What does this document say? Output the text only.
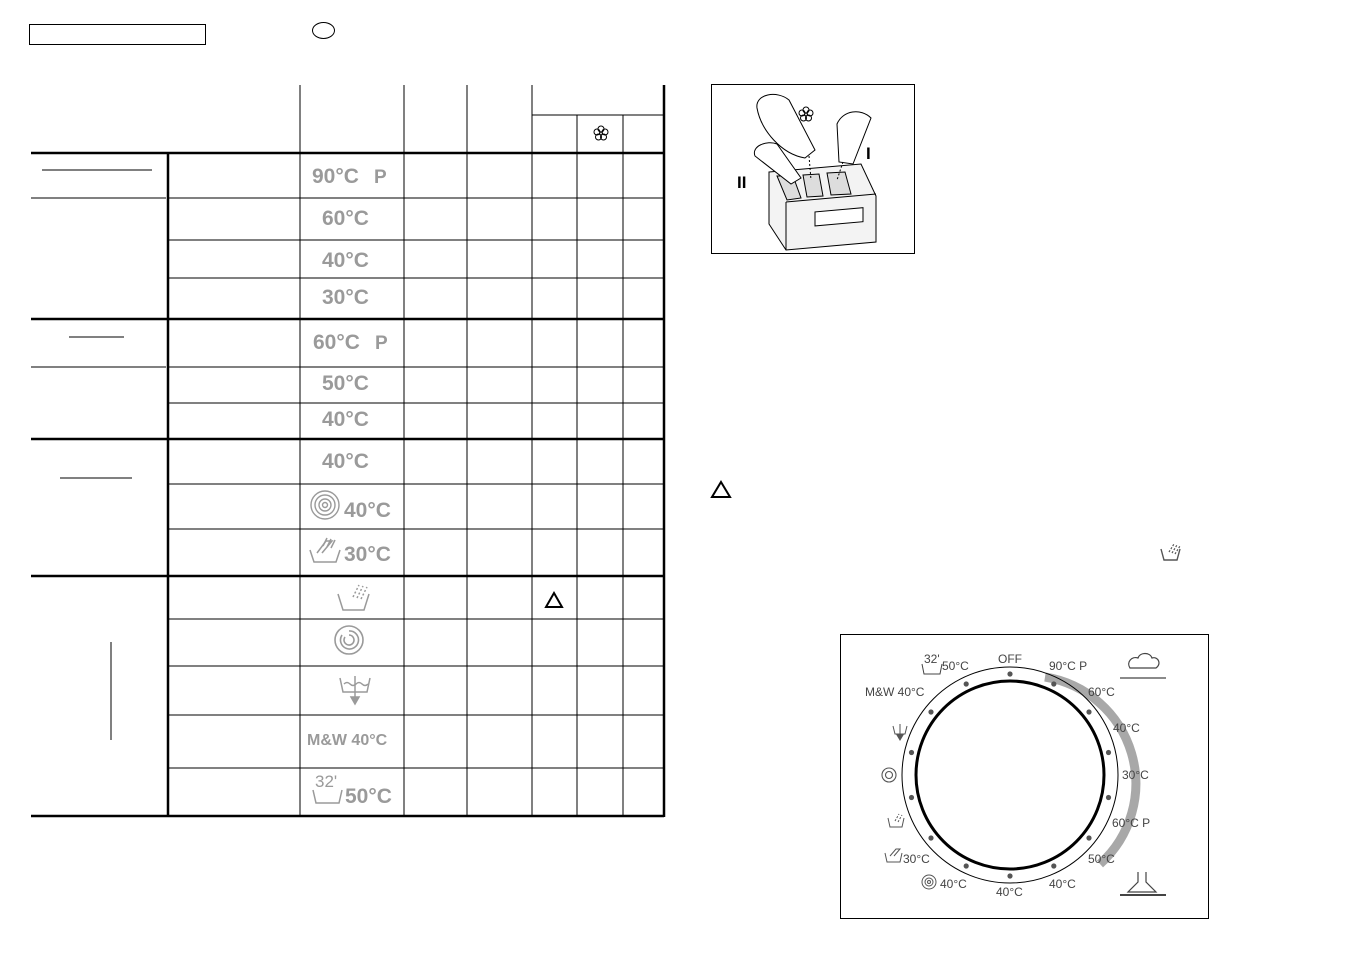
90°C P
60°C
40°C
30°C
60°C P
50°C
40°C
40°C
40°C
30°C
M&W 40°C
32'
50°C
II
I
OFF 90°C P
60°C
40°C
30°C
60°C P
50°C
40°C
40°C
40°C
30°C
M&W 40°C
50°C
32'
